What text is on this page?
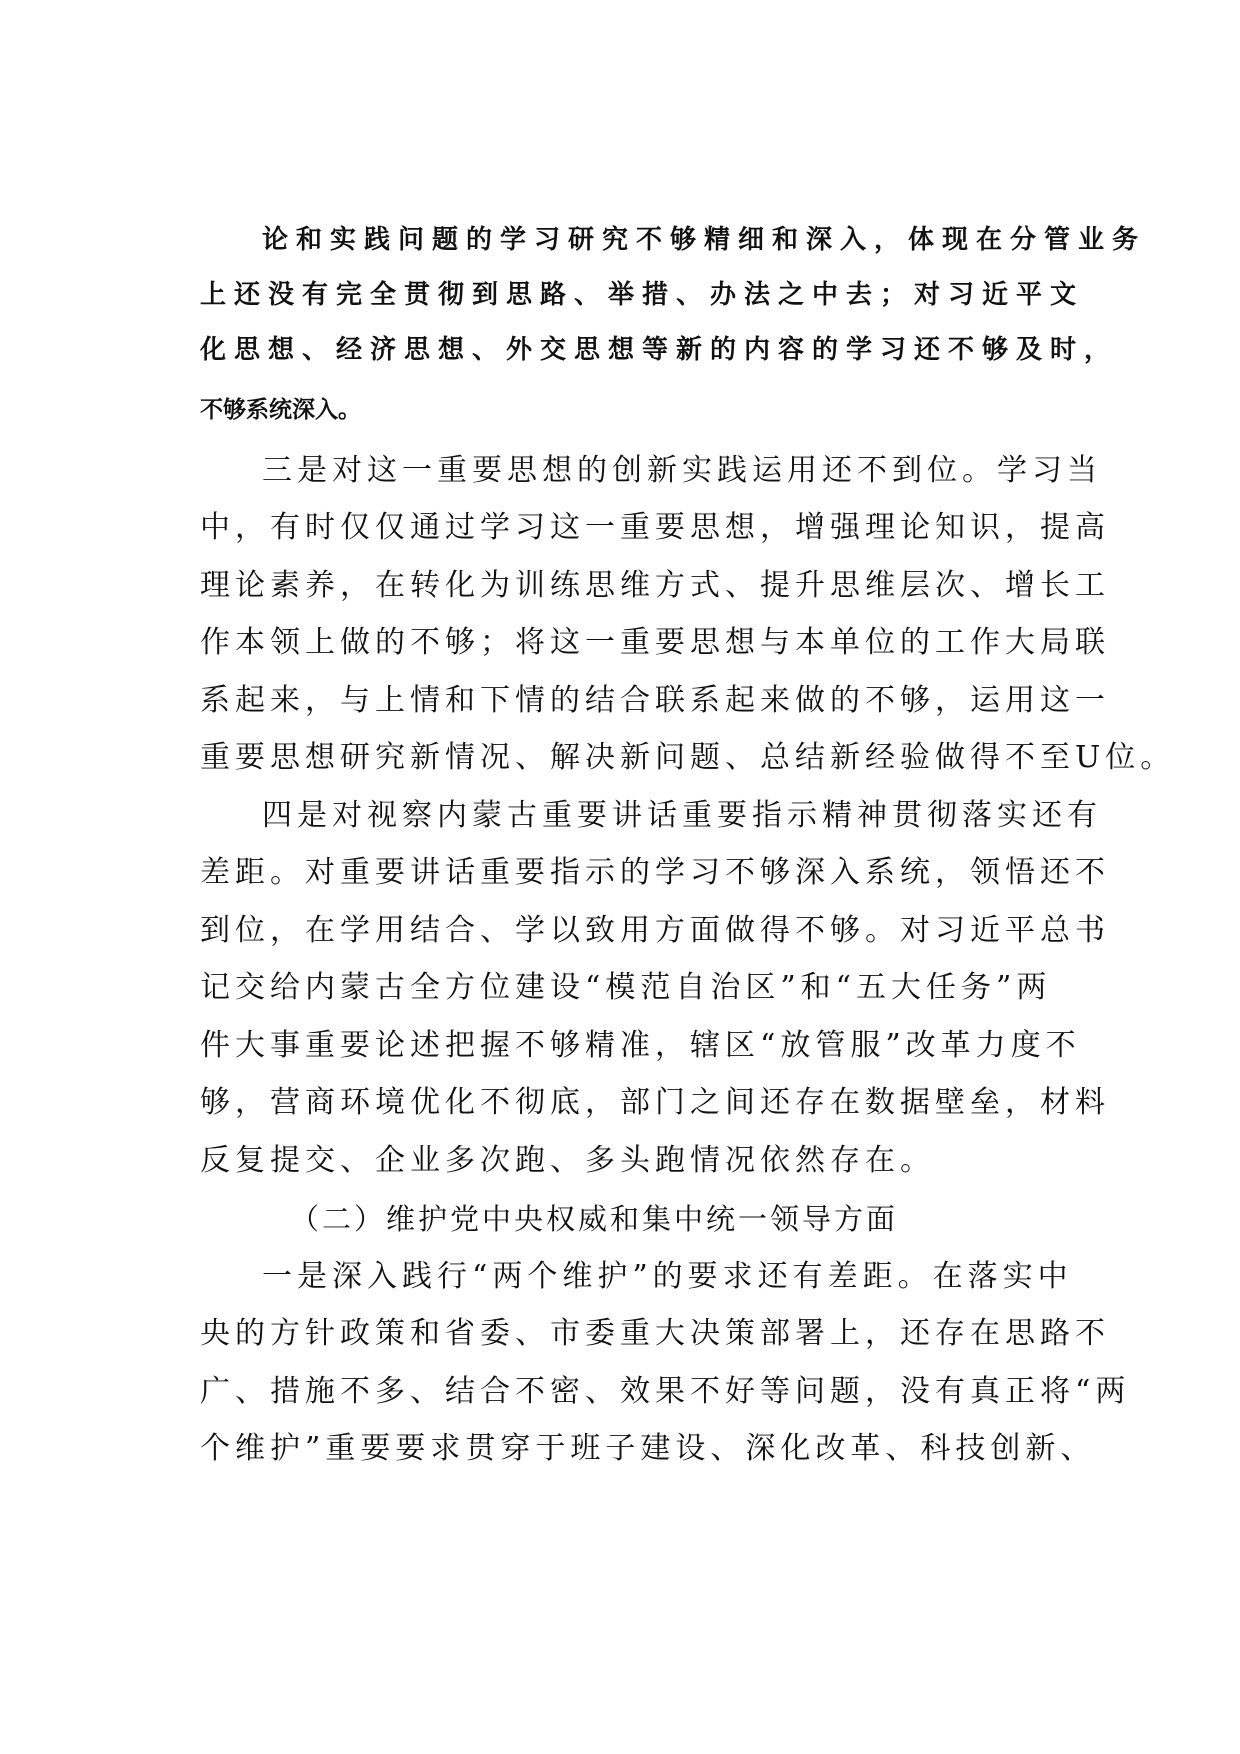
论和实践问题的学习研究不够精细和深入，体现在分管业务

上还没有完全贯彻到思路、举措、办法之中去；对习近平文

化思想、经济思想、外交思想等新的内容的学习还不够及时，

不够系统深入。

三是对这一重要思想的创新实践运用还不到位。学习当

中，有时仅仅通过学习这一重要思想，增强理论知识，提高

理论素养，在转化为训练思维方式、提升思维层次、增长工

作本领上做的不够；将这一重要思想与本单位的工作大局联

系起来，与上情和下情的结合联系起来做的不够，运用这一

重要思想研究新情况、解决新问题、总结新经验做得不至U位。

四是对视察内蒙古重要讲话重要指示精神贯彻落实还有

差距。对重要讲话重要指示的学习不够深入系统，领悟还不

到位，在学用结合、学以致用方面做得不够。对习近平总书

记交给内蒙古全方位建设“模范自治区”和“五大任务”两

件大事重要论述把握不够精准，辖区“放管服”改革力度不

够，营商环境优化不彻底，部门之间还存在数据壁垒，材料

反复提交、企业多次跑、多头跑情况依然存在。

（二）维护党中央权威和集中统一领导方面

一是深入践行“两个维护”的要求还有差距。在落实中

央的方针政策和省委、市委重大决策部署上，还存在思路不

广、措施不多、结合不密、效果不好等问题，没有真正将“两

个维护”重要要求贯穿于班子建设、深化改革、科技创新、
